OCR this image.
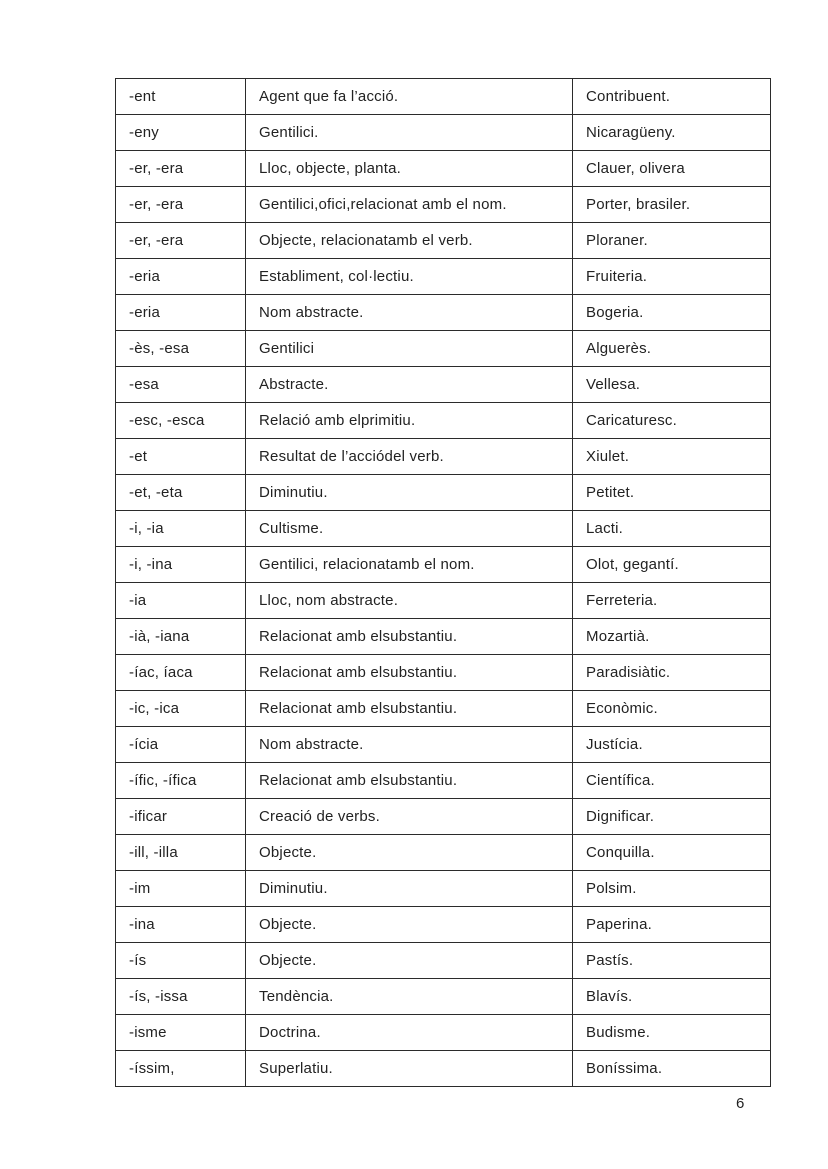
-ent	Agent que fa l’acció.	Contribuent.
-eny	Gentilici.	Nicaragüeny.
-er, -era	Lloc, objecte, planta.	Clauer, olivera
-er, -era	Gentilici,ofici,relacionat amb el nom.	Porter, brasiler.
-er, -era	Objecte, relacionatamb el verb.	Ploraner.
-eria	Establiment, col·lectiu.	Fruiteria.
-eria	Nom abstracte.	Bogeria.
-ès, -esa	Gentilici	Alguerès.
-esa	Abstracte.	Vellesa.
-esc, -esca	Relació amb elprimitiu.	Caricaturesc.
-et	Resultat de l’acciódel verb.	Xiulet.
-et, -eta	Diminutiu.	Petitet.
-i, -ia	Cultisme.	Lacti.
-i, -ina	Gentilici, relacionatamb el nom.	Olot, gegantí.
-ia	Lloc, nom abstracte.	Ferreteria.
-ià, -iana	Relacionat amb elsubstantiu.	Mozartià.
-íac, íaca	Relacionat amb elsubstantiu.	Paradisiàtic.
-ic, -ica	Relacionat amb elsubstantiu.	Econòmic.
-ícia	Nom abstracte.	Justícia.
-ífic, -ífica	Relacionat amb elsubstantiu.	Científica.
-ificar	Creació de verbs.	Dignificar.
-ill, -illa	Objecte.	Conquilla.
-im	Diminutiu.	Polsim.
-ina	Objecte.	Paperina.
-ís	Objecte.	Pastís.
-ís, -issa	Tendència.	Blavís.
-isme	Doctrina.	Budisme.
-íssim,	Superlatiu.	Boníssima.
6
